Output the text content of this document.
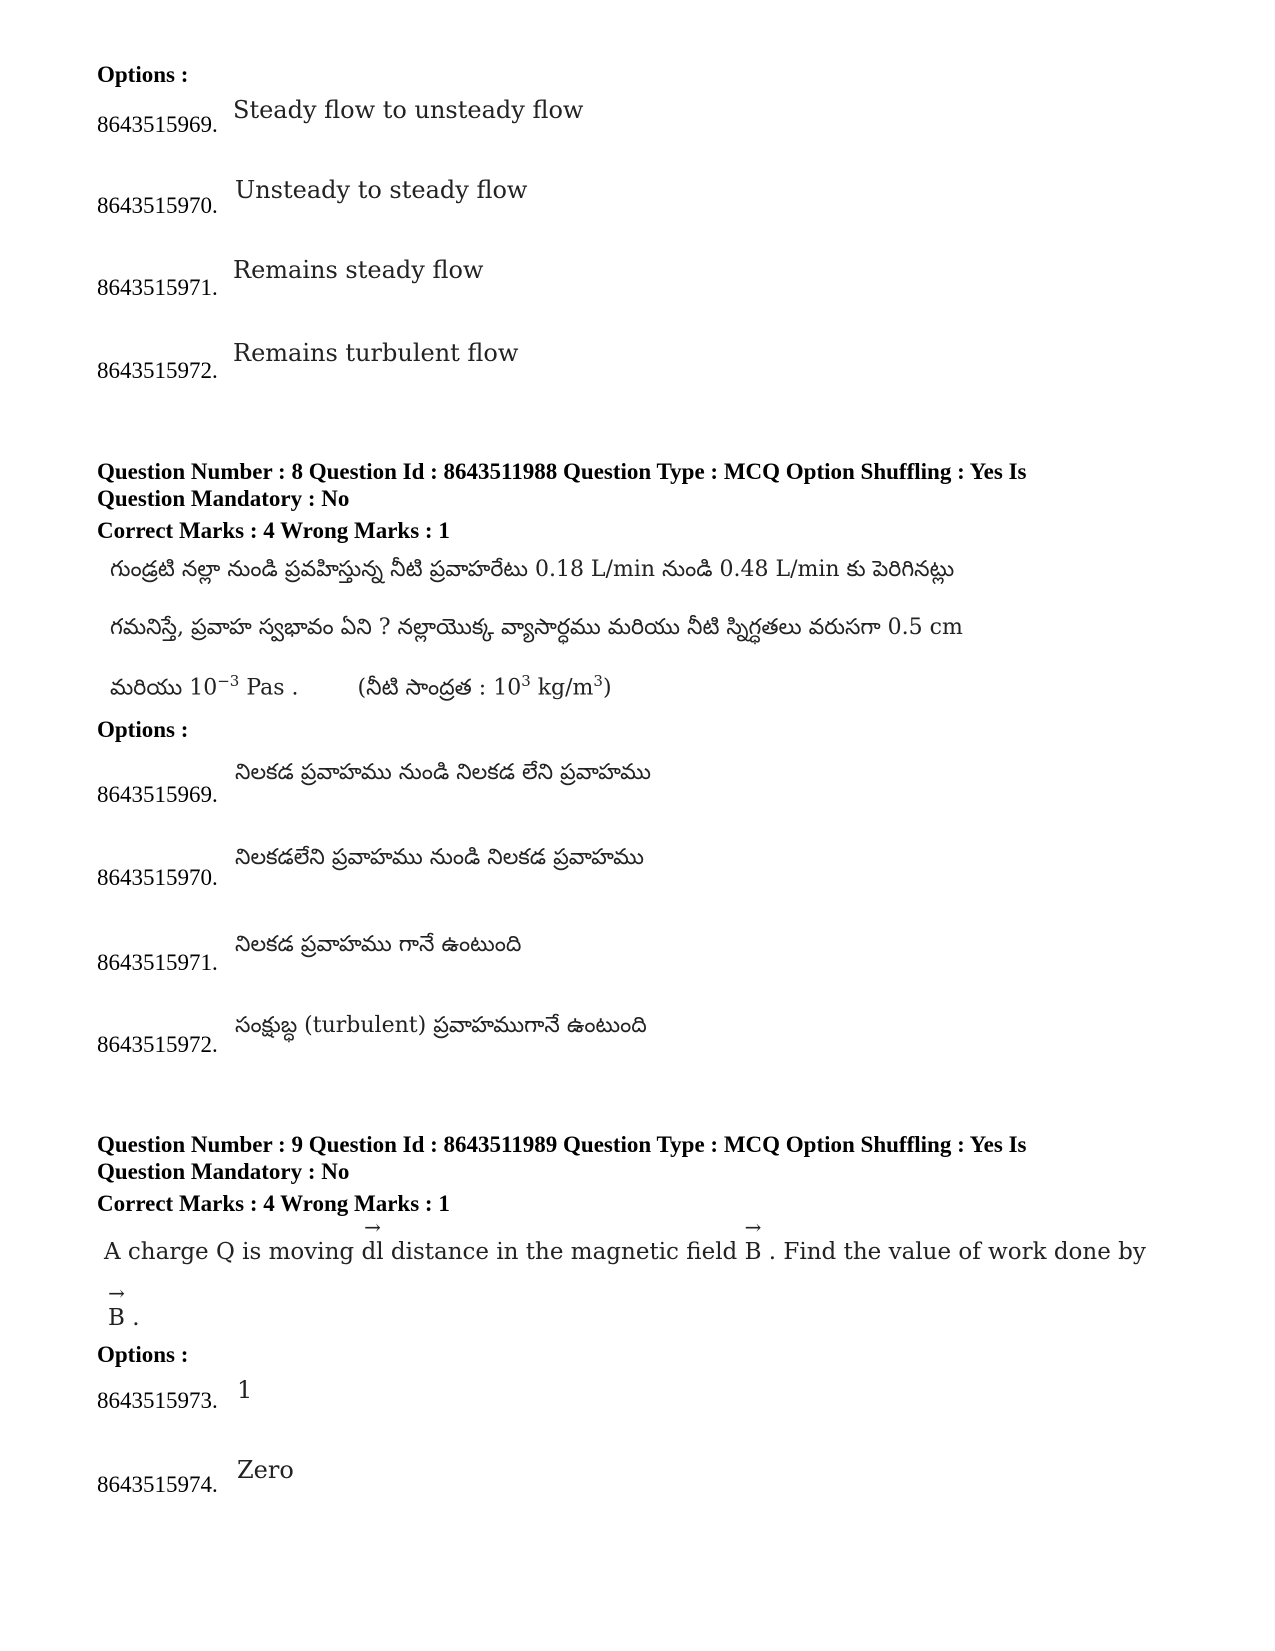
Options :
8643515969.
Steady flow to unsteady flow
8643515970.
Unsteady to steady flow
8643515971.
Remains steady flow
8643515972.
Remains turbulent flow
Question Number : 8 Question Id : 8643511988 Question Type : MCQ Option Shuffling : Yes Is
Question Mandatory : No
Correct Marks : 4 Wrong Marks : 1
గుండ్రటి నల్లా నుండి ప్రవహిస్తున్న నీటి ప్రవాహరేటు 0.18 L/min నుండి 0.48 L/min కు పెరిగినట్లు
గమనిస్తే, ప్రవాహ స్వభావం ఏని ? నల్లాయొక్క వ్యాసార్ధము మరియు నీటి స్నిగ్ధతలు వరుసగా 0.5 cm
మరియు $10^{-3}$ Pas .	(నీటి సాంద్రత : $10^3$ $kg/m^3$)
Options :
8643515969.
నిలకడ ప్రవాహము నుండి నిలకడ లేని ప్రవాహము
8643515970.
నిలకడలేని ప్రవాహము నుండి నిలకడ ప్రవాహము
8643515971.
నిలకడ ప్రవాహము గానే ఉంటుంది
8643515972.
సంక్షుబ్ధ (turbulent) ప్రవాహముగానే ఉంటుంది
Question Number : 9 Question Id : 8643511989 Question Type : MCQ Option Shuffling : Yes Is
Question Mandatory : No
Correct Marks : 4 Wrong Marks : 1
A charge Q is moving
→
dl distance in the magnetic field
→
B . Find the value of work done by
→
B .
Options :
8643515973. 1
8643515974.
Zero
